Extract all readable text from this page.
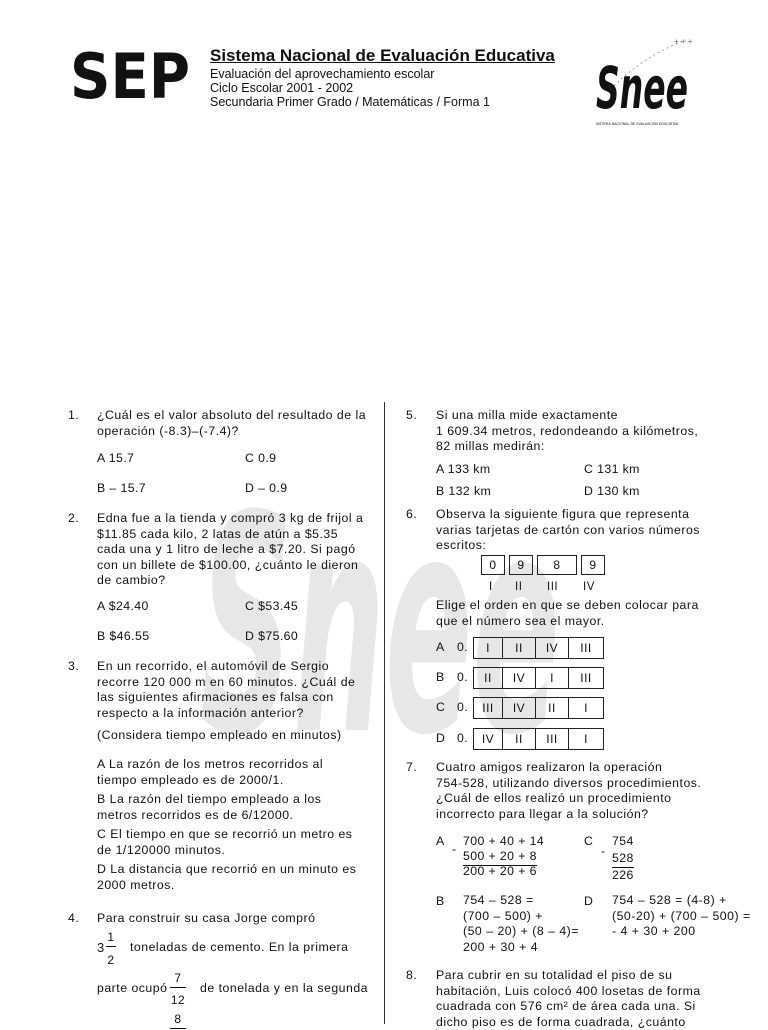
SEP Sistema Nacional de Evaluación Educativa
Evaluación del aprovechamiento escolar
Ciclo Escolar 2001 - 2002
Secundaria Primer Grado / Matemáticas / Forma 1
+ + +
Snee
SISTEMA NACIONAL DE EVALUACIÓN EDUCATIVA
Snee
1. ¿Cuál es el valor absoluto del resultado de la
operación (-8.3)–(-7.4)?
A 15.7	C 0.9
B – 15.7	D – 0.9
2. Edna fue a la tienda y compró 3 kg de frijol a
$11.85 cada kilo, 2 latas de atún a $5.35
cada una y 1 litro de leche a $7.20. Si pagó
con un billete de $100.00, ¿cuánto le dieron
de cambio?
A $24.40	C $53.45
B $46.55	D $75.60
3. En un recorrido, el automóvil de Sergio
recorre 120 000 m en 60 minutos. ¿Cuál de
las siguientes afirmaciones es falsa con
respecto a la información anterior?
(Considera tiempo empleado en minutos)
A La razón de los metros recorridos al
tiempo empleado es de 2000/1.
B La razón del tiempo empleado a los
metros recorridos es de 6/12000.
C El tiempo en que se recorrió un metro es
de 1/120000 minutos.
D La distancia que recorrió en un minuto es
2000 metros.
4. Para construir su casa Jorge compró
3
1
2
toneladas de cemento. En la primera
parte ocupó
7
12
de tonelada y en la segunda
8
5. Si una milla mide exactamente
1 609.34 metros, redondeando a kilómetros,
82 millas medirán:
A 133 km	C 131 km
B 132 km	D 130 km
6. Observa la siguiente figura que representa
varias tarjetas de cartón con varios números
escritos:
0	9	8	9
I II III IV
Elige el orden en que se deben colocar para
que el número sea el mayor.
A 0.	I	II	IV	III
B 0.	II	IV	I	III
C 0.	III	IV	II	I
D 0.	IV	II	III	I
7. Cuatro amigos realizaron la operación
754-528, utilizando diversos procedimientos.
¿Cuál de ellos realizó un procedimiento
incorrecto para llegar a la solución?
A
-
700 + 40 + 14
500 + 20 + 8
200 + 20 + 6
C
-
754
528
226
B 754 – 528 =
(700 – 500) +
(50 – 20) + (8 – 4)=
200 + 30 + 4
D 754 – 528 = (4-8) +
(50-20) + (700 – 500) =
- 4 + 30 + 200
8. Para cubrir en su totalidad el piso de su
habitación, Luis colocó 400 losetas de forma
cuadrada con 576 cm² de área cada una. Si
dicho piso es de forma cuadrada, ¿cuánto
